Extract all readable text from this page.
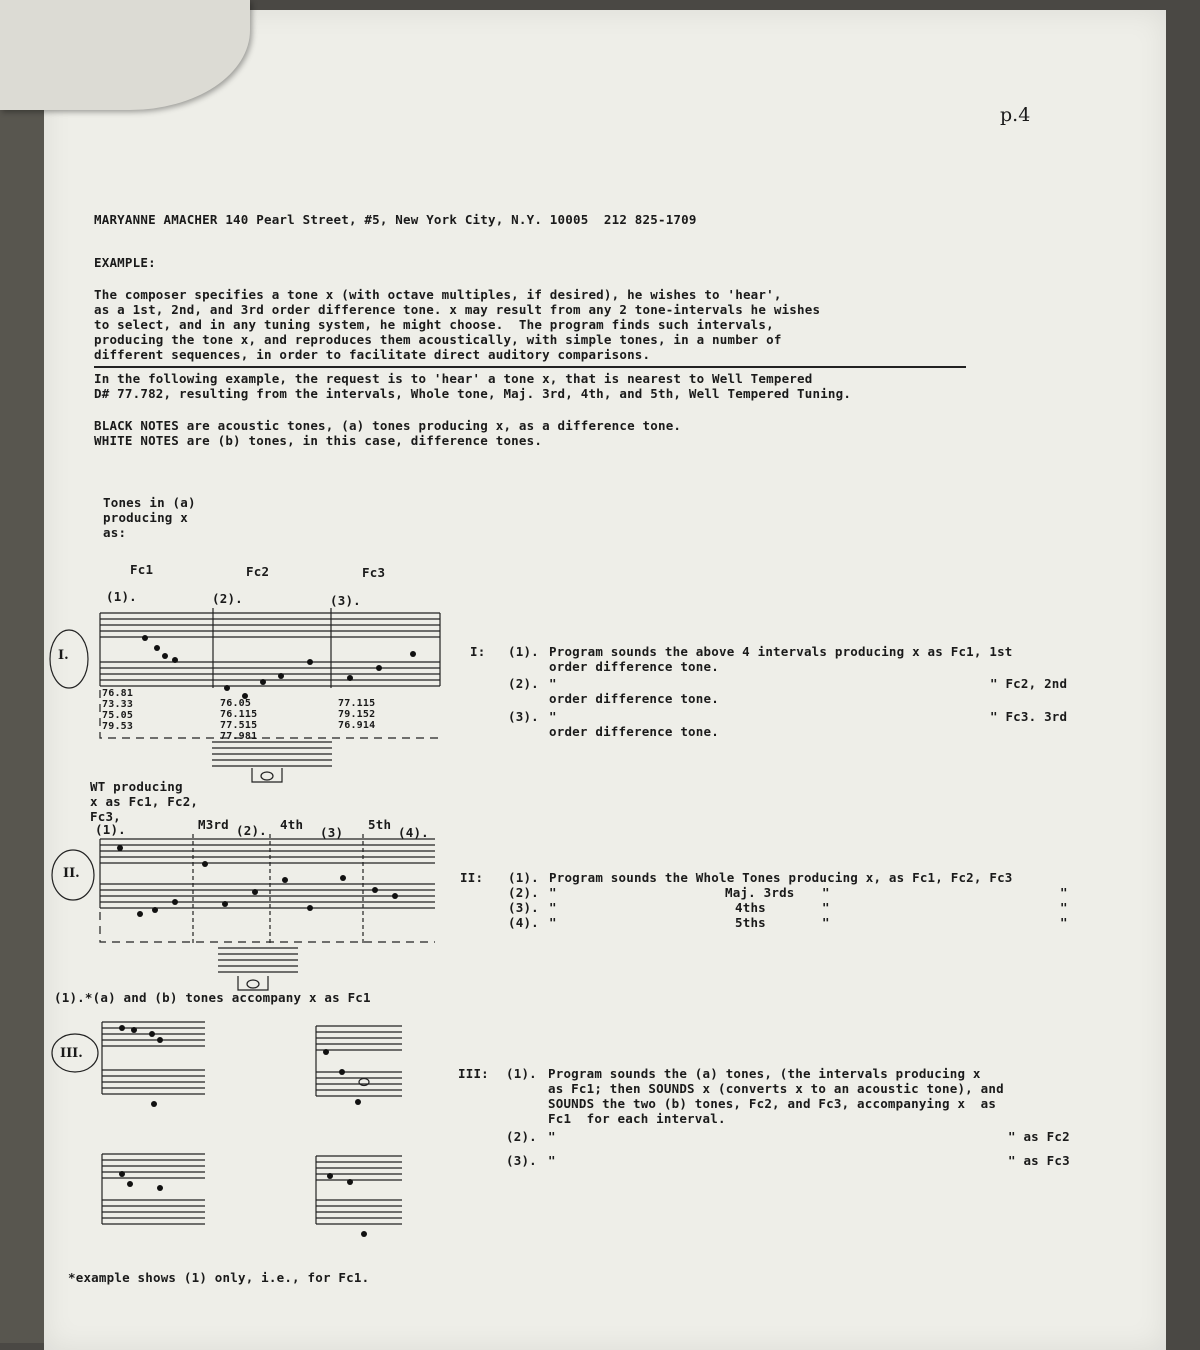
p.4
MARYANNE AMACHER 140 Pearl Street, #5, New York City, N.Y. 10005  212 825-1709
EXAMPLE:
The composer specifies a tone x (with octave multiples, if desired), he wishes to 'hear',
as a 1st, 2nd, and 3rd order difference tone. x may result from any 2 tone-intervals he wishes
to select, and in any tuning system, he might choose.  The program finds such intervals,
producing the tone x, and reproduces them acoustically, with simple tones, in a number of
different sequences, in order to facilitate direct auditory comparisons.
In the following example, the request is to 'hear' a tone x, that is nearest to Well Tempered
D# 77.782, resulting from the intervals, Whole tone, Maj. 3rd, 4th, and 5th, Well Tempered Tuning.
BLACK NOTES are acoustic tones, (a) tones producing x, as a difference tone.
WHITE NOTES are (b) tones, in this case, difference tones.
Tones in (a)
producing x
as:
Fc1	Fc2	Fc3
(1).	(2).	(3).
I.
76.81
73.33
75.05
79.53
76.05
76.115
77.515
77.981
77.115
79.152
76.914
WT producing
x as Fc1, Fc2,
Fc3,
(1).	M3rd (2). 4th
(3)
5th
(4).
II.
(1).*(a) and (b) tones accompany x as Fc1
III.
I: (1). Program sounds the above 4 intervals producing x as Fc1, 1st
order difference tone.
(2). "	" Fc2, 2nd
order difference tone.
(3). "	" Fc3. 3rd
order difference tone.
II: (1). Program sounds the Whole Tones producing x, as Fc1, Fc2, Fc3
(2). "	Maj. 3rds "	"
(3). "	4ths	"	"
(4). "	5ths	"	"
III: (1). Program sounds the (a) tones, (the intervals producing x
as Fc1; then SOUNDS x (converts x to an acoustic tone), and
SOUNDS the two (b) tones, Fc2, and Fc3, accompanying x  as
Fc1  for each interval.
(2). "	" as Fc2
(3). "	" as Fc3
*example shows (1) only, i.e., for Fc1.
